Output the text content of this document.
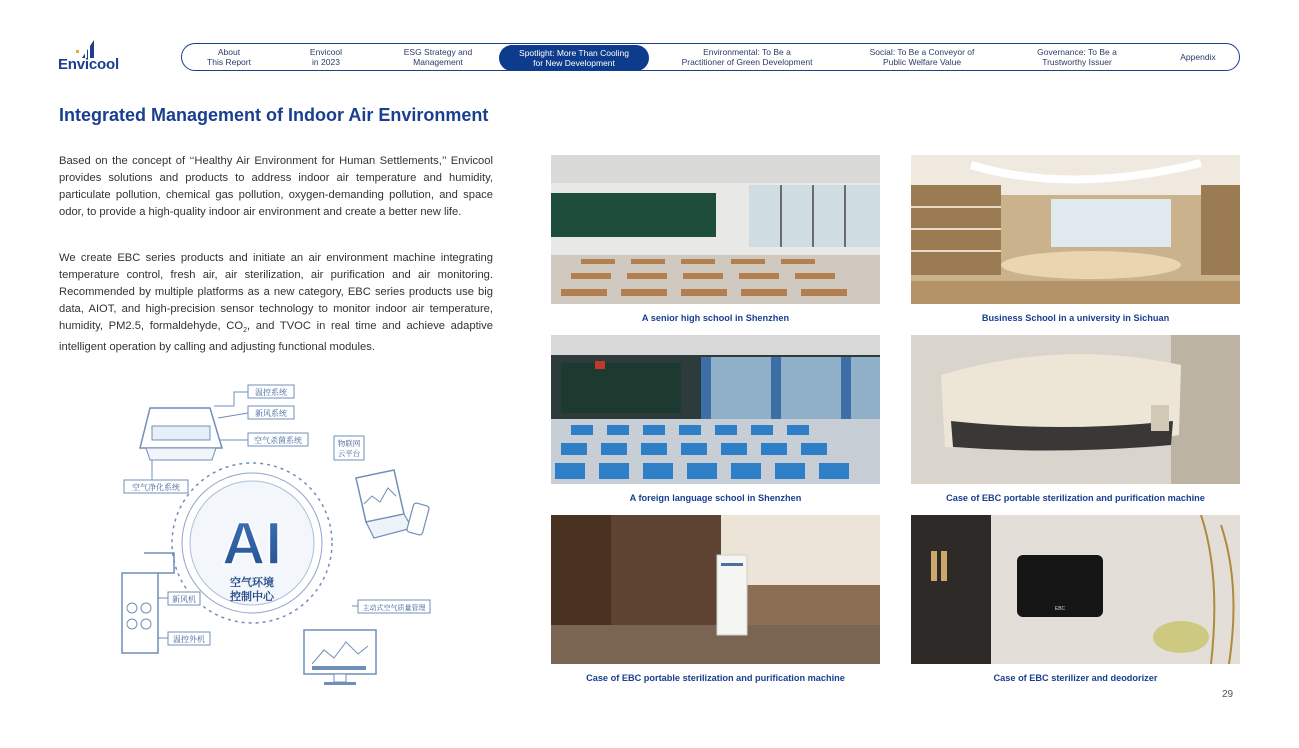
Envicool
About
This Report
Envicool
in 2023
ESG Strategy and
Management
Spotlight: More Than Cooling
for New Development
Environmental: To Be a
Practitioner of Green Development
Social: To Be a Conveyor of
Public Welfare Value
Governance: To Be a
Trustworthy Issuer	Appendix
Integrated Management of Indoor Air Environment

Based on the concept of ‘‘Healthy Air Environment for Human Settlements,’’ Envicool provides solutions and products to address indoor air temperature and humidity, particulate pollution, chemical gas pollution, oxygen-demanding pollution, and space odor, to provide a high-quality indoor air environment and create a better new life.

We create EBC series products and initiate an air environment machine integrating temperature control, fresh air, air sterilization, air purification and air monitoring. Recommended by multiple platforms as a new category, EBC series products use big data, AIOT, and high-precision sensor technology to monitor indoor air temperature, humidity, PM2.5, formaldehyde, $CO_2$, and TVOC in real time and achieve adaptive intelligent operation by calling and adjusting functional modules.

AI
空气环境
控制中心
温控系统
新风系统
空气杀菌系统
空气净化系统
物联网
云平台
新风机
温控外机
主动式空气质量管理
A senior high school in Shenzhen	Business School in a university in Sichuan
A foreign language school in Shenzhen	Case of EBC portable sterilization and purification machine
Case of EBC portable sterilization and purification machine
EBC
Case of EBC sterilizer and deodorizer
29
